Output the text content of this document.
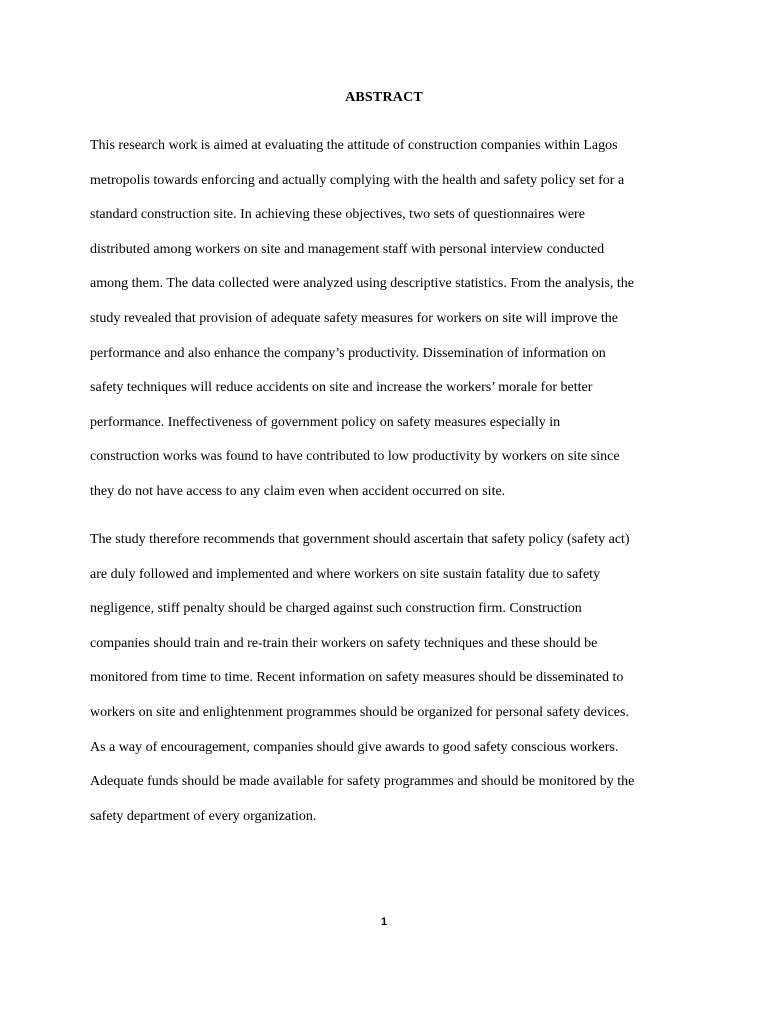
ABSTRACT

This research work is aimed at evaluating the attitude of construction companies within Lagos
metropolis towards enforcing and actually complying with the health and safety policy set for a
standard construction site. In achieving these objectives, two sets of questionnaires were
distributed among workers on site and management staff with personal interview conducted
among them. The data collected were analyzed using descriptive statistics. From the analysis, the
study revealed that provision of adequate safety measures for workers on site will improve the
performance and also enhance the company’s productivity. Dissemination of information on
safety techniques will reduce accidents on site and increase the workers’ morale for better
performance. Ineffectiveness of government policy on safety measures especially in
construction works was found to have contributed to low productivity by workers on site since
they do not have access to any claim even when accident occurred on site.

The study therefore recommends that government should ascertain that safety policy (safety act)
are duly followed and implemented and where workers on site sustain fatality due to safety
negligence, stiff penalty should be charged against such construction firm. Construction
companies should train and re-train their workers on safety techniques and these should be
monitored from time to time. Recent information on safety measures should be disseminated to
workers on site and enlightenment programmes should be organized for personal safety devices.
As a way of encouragement, companies should give awards to good safety conscious workers.
Adequate funds should be made available for safety programmes and should be monitored by the
safety department of every organization.

1
